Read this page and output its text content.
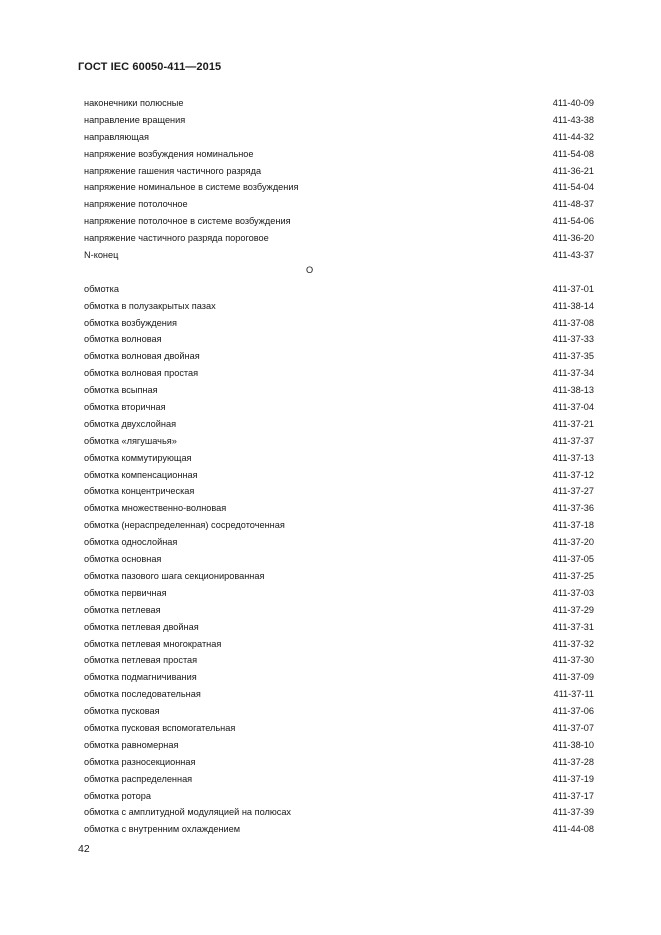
ГОСТ IEC 60050-411—2015
наконечники полюсные	411-40-09
направление вращения	411-43-38
направляющая	411-44-32
напряжение возбуждения номинальное	411-54-08
напряжение гашения частичного разряда	411-36-21
напряжение номинальное в системе возбуждения	411-54-04
напряжение потолочное	411-48-37
напряжение потолочное в системе возбуждения	411-54-06
напряжение частичного разряда пороговое	411-36-20
N-конец	411-43-37
О
обмотка	411-37-01
обмотка в полузакрытых пазах	411-38-14
обмотка возбуждения	411-37-08
обмотка волновая	411-37-33
обмотка волновая двойная	411-37-35
обмотка волновая простая	411-37-34
обмотка всыпная	411-38-13
обмотка вторичная	411-37-04
обмотка двухслойная	411-37-21
обмотка «лягушачья»	411-37-37
обмотка коммутирующая	411-37-13
обмотка компенсационная	411-37-12
обмотка концентрическая	411-37-27
обмотка множественно-волновая	411-37-36
обмотка (нераспределенная) сосредоточенная	411-37-18
обмотка однослойная	411-37-20
обмотка основная	411-37-05
обмотка пазового шага секционированная	411-37-25
обмотка первичная	411-37-03
обмотка петлевая	411-37-29
обмотка петлевая двойная	411-37-31
обмотка петлевая многократная	411-37-32
обмотка петлевая простая	411-37-30
обмотка подмагничивания	411-37-09
обмотка последовательная	411-37-11
обмотка пусковая	411-37-06
обмотка пусковая вспомогательная	411-37-07
обмотка равномерная	411-38-10
обмотка разносекционная	411-37-28
обмотка распределенная	411-37-19
обмотка ротора	411-37-17
обмотка с амплитудной модуляцией на полюсах	411-37-39
обмотка с внутренним охлаждением	411-44-08
42
